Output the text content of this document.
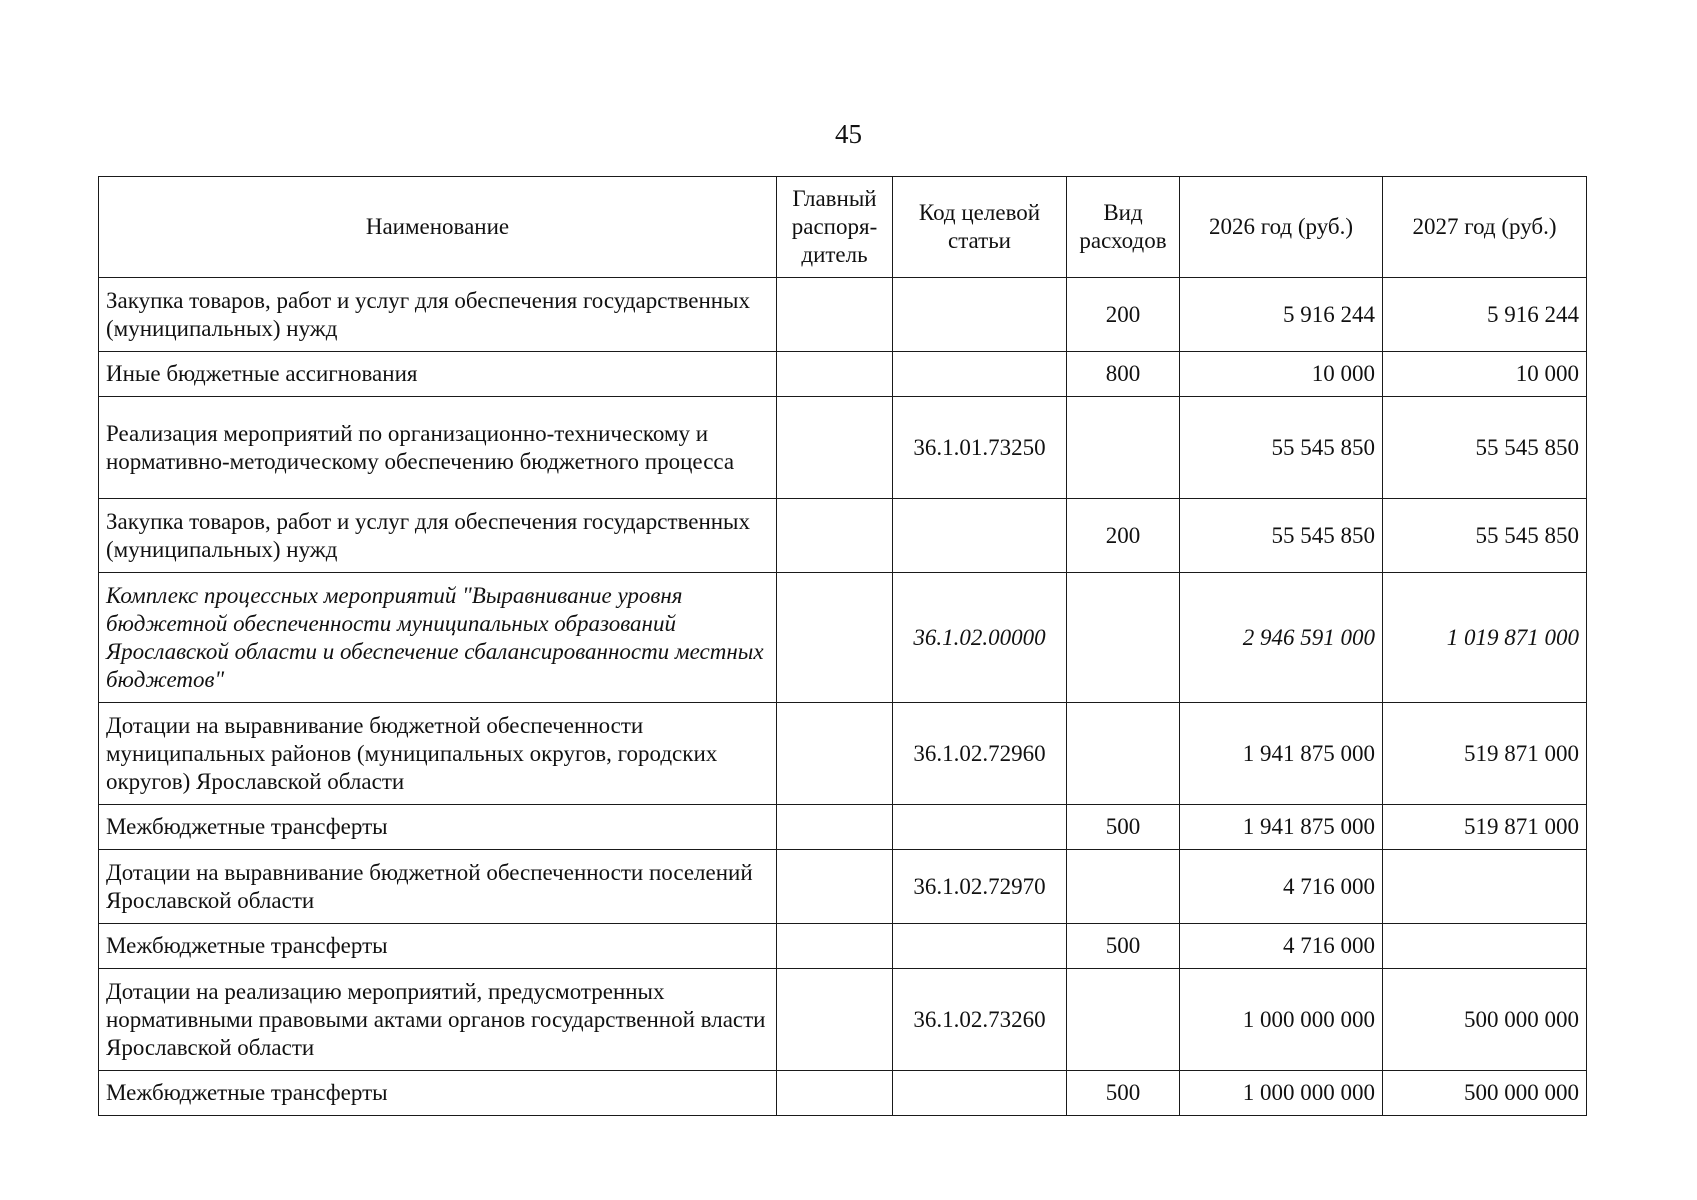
45
Наименование	Главный распоря-дитель	Код целевой статьи	Вид расходов	2026 год (руб.)	2027 год (руб.)
Закупка товаров, работ и услуг для обеспечения государственных (муниципальных) нужд			200	5 916 244	5 916 244
Иные бюджетные ассигнования			800	10 000	10 000
Реализация мероприятий по организационно-техническому и нормативно-методическому обеспечению бюджетного процесса		36.1.01.73250		55 545 850	55 545 850
Закупка товаров, работ и услуг для обеспечения государственных (муниципальных) нужд			200	55 545 850	55 545 850
Комплекс процессных мероприятий "Выравнивание уровня бюджетной обеспеченности муниципальных образований Ярославской области и обеспечение сбалансированности местных бюджетов"		36.1.02.00000		2 946 591 000	1 019 871 000
Дотации на выравнивание бюджетной обеспеченности муниципальных районов (муниципальных округов, городских округов) Ярославской области		36.1.02.72960		1 941 875 000	519 871 000
Межбюджетные трансферты			500	1 941 875 000	519 871 000
Дотации на выравнивание бюджетной обеспеченности поселений Ярославской области		36.1.02.72970		4 716 000	
Межбюджетные трансферты			500	4 716 000	
Дотации на реализацию мероприятий, предусмотренных нормативными правовыми актами органов государственной власти Ярославской области		36.1.02.73260		1 000 000 000	500 000 000
Межбюджетные трансферты			500	1 000 000 000	500 000 000
